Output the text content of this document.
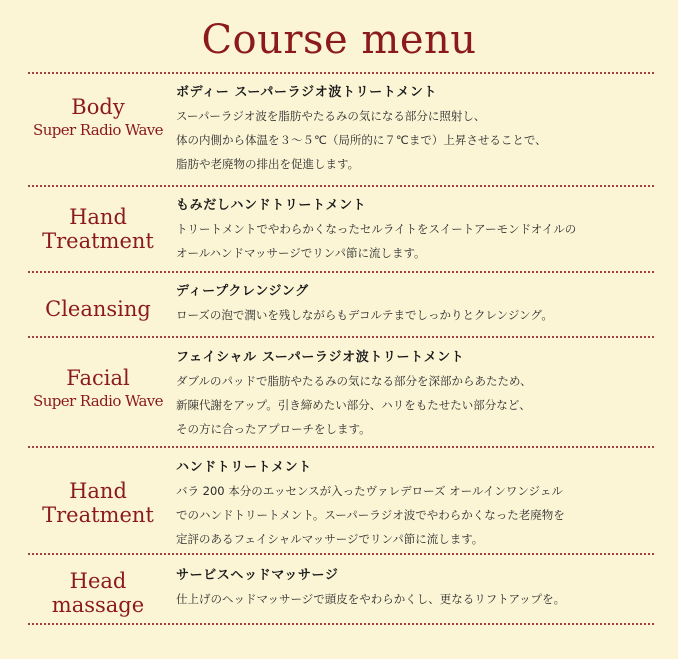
Course menu
Body
Super Radio Wave
ボディー スーパーラジオ波トリートメント
スーパーラジオ波を脂肪やたるみの気になる部分に照射し、
体の内側から体温を３～５℃（局所的に７℃まで）上昇させることで、
脂肪や老廃物の排出を促進します。
Hand
Treatment
もみだしハンドトリートメント
トリートメントでやわらかくなったセルライトをスイートアーモンドオイルの
オールハンドマッサージでリンパ節に流します。
Cleansing
ディープクレンジング
ローズの泡で潤いを残しながらもデコルテまでしっかりとクレンジング。
Facial
Super Radio Wave
フェイシャル スーパーラジオ波トリートメント
ダブルのパッドで脂肪やたるみの気になる部分を深部からあたため、
新陳代謝をアップ。引き締めたい部分、ハリをもたせたい部分など、
その方に合ったアプローチをします。
Hand
Treatment
ハンドトリートメント
バラ 200 本分のエッセンスが入ったヴァレデローズ オールインワンジェル
でのハンドトリートメント。スーパーラジオ波でやわらかくなった老廃物を
定評のあるフェイシャルマッサージでリンパ節に流します。
Head
massage
サービスヘッドマッサージ
仕上げのヘッドマッサージで頭皮をやわらかくし、更なるリフトアップを。
